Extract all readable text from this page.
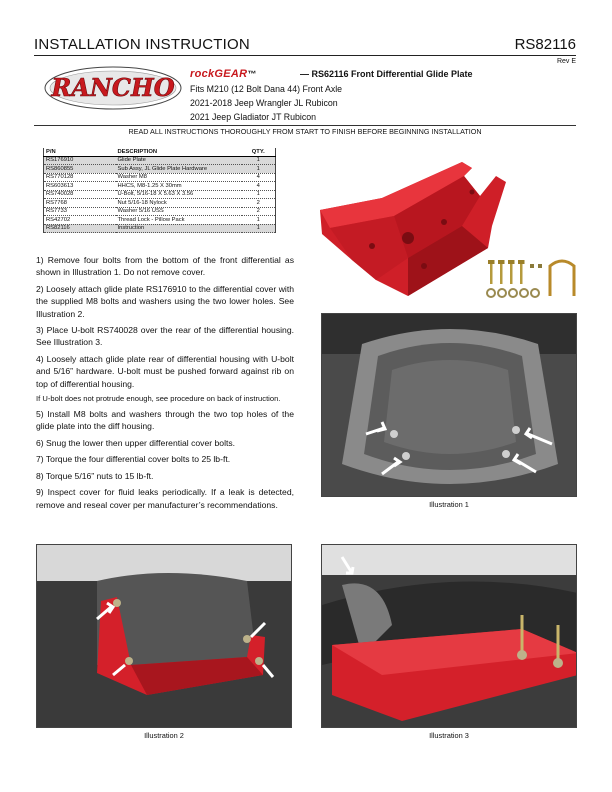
INSTALLATION INSTRUCTION	RS82116
Rev E
RANCHO rockGEAR™	— RS62116 Front Differential Glide Plate
Fits M210 (12 Bolt Dana 44) Front Axle
2021-2018 Jeep Wrangler JL Rubicon
2021 Jeep Gladiator JT Rubicon
READ ALL INSTRUCTIONS THOROUGHLY FROM START TO FINISH BEFORE BEGINNING INSTALLATION
P/N	DESCRIPTION	QTY.
RS176910	Glide Plate	1
RS860855	Sub Assy, JL Glide Plate Hardware	1
RS770128	Washer M8	4
RS603613	HHCS, M8-1.25 X 30mm	4
RS740028	U-Bolt, 5/16-18 X 5.63 X 3.56	1
RS7768	Nut 5/16-18 Nylock	2
RS7733	Washer 5/16 USS	2
RS42702	Thread Lock - Pillow Pack	1
RS82116	Instruction	1

1) Remove four bolts from the bottom of the front differential as shown in Illustration 1. Do not remove cover.

2) Loosely attach glide plate RS176910 to the differential cover with the supplied M8 bolts and washers using the two lower holes. See Illustration 2.

3) Place U-bolt RS740028 over the rear of the differential housing. See Illustration 3.

4) Loosely attach glide plate rear of differential housing with U-bolt and 5/16” hardware. U-bolt must be pushed forward against rib on top of differential housing.

If U-bolt does not protrude enough, see procedure on back of instruction.

5) Install M8 bolts and washers through the two top holes of the glide plate into the diff housing.

6) Snug the lower then upper differential cover bolts.

7) Torque the four differential cover bolts to 25 lb-ft.

8) Torque 5/16” nuts to 15 lb-ft.

9) Inspect cover for fluid leaks periodically. If a leak is detected, remove and reseal cover per manufacturer’s recommendations.	Illustration 1
Illustration 2	Illustration 3
